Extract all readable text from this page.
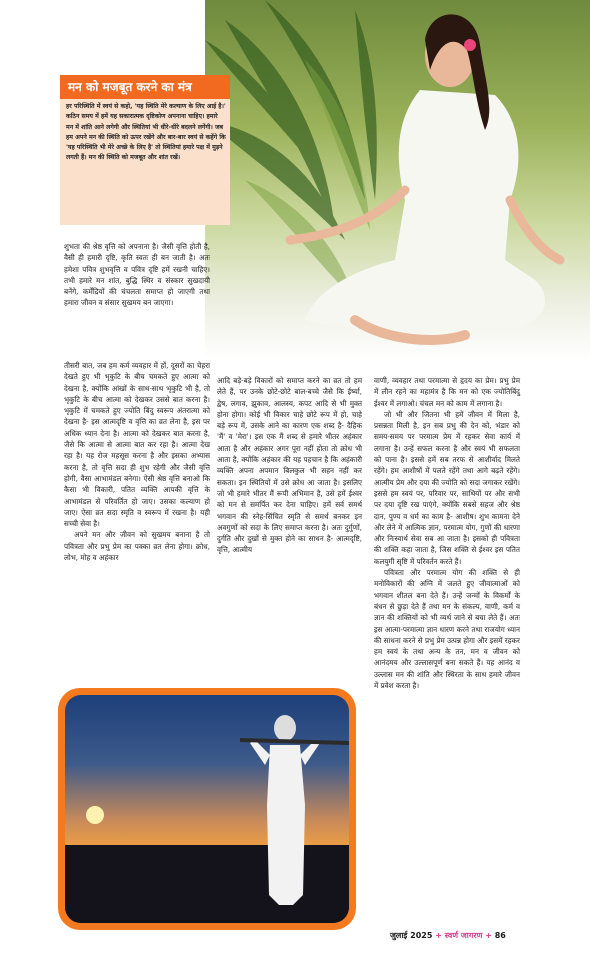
मन को मजबूत करने का मंत्र
हर परिस्थिति में स्वयं से कहो, 'यह स्थिति मेरे कल्याण के लिए आई है।' कठिन समय में हमें यह सकारात्मक दृष्टिकोण अपनाना चाहिए। हमारे मन में शांति आने लगेगी और स्थितियां भी धीरे-धीरे बदलने लगेंगी। जब हम अपने मन की स्थिति को ऊपर रखेंगे और बार-बार स्वयं से कहेंगे कि 'यह परिस्थिति भी मेरे अच्छे के लिए है' तो स्थितियां हमारे पक्ष में मुड़ने लगती हैं। मन की स्थिति को मजबूत और शांत रखें।

शुभता की श्रेष्ठ वृत्ति को अपनाना है। जैसी वृत्ति होती है, वैसी ही हमारी दृष्टि, कृति स्वतः ही बन जाती है। अतः हमेशा पवित्र शुभवृत्ति व पवित्र दृष्टि हमें रखनी चाहिए। तभी हमारे मन शांत, बुद्धि स्थिर व संस्कार सुखदायी बनेंगे, कर्मेंद्रियों की चंचलता समाप्त हो जाएगी तथा हमारा जीवन व संसार सुखमय बन जाएगा।

तीसरी बात, जब हम कर्म व्यवहार में हों, दूसरों का चेहरा देखते हुए भी भृकुटि के बीच चमकते हुए आत्मा को देखना है, क्योंकि आंखों के साथ-साथ भृकुटि भी है, तो भृकुटि के बीच आत्मा को देखकर उससे बात करना है। भृकुटि में चमकते हुए ज्योति बिंदु स्वरूप अंतरात्मा को देखना है- इस आत्मदृष्टि व वृत्ति का व्रत लेना है, इस पर अधिक ध्यान देना है। आत्मा को देखकर बात करना है, जैसे कि आत्मा से आत्मा बात कर रहा है। आत्मा देख रहा है। यह रोज महसूस करना है और इसका अभ्यास करना है, तो वृत्ति सदा ही शुभ रहेगी और जैसी वृत्ति होगी, वैसा आभामंडल बनेगा। ऐसी श्रेष्ठ वृत्ति बनाओ कि कैसा भी विकारी, पतित व्यक्ति आपकी वृत्ति के आभामंडल से परिवर्तित हो जाए। उसका कल्याण हो जाए। ऐसा व्रत सदा स्मृति व स्वरूप में रखना है। यही सच्ची सेवा है।

अपने मन और जीवन को सुखमय बनाना है तो पवित्रता और प्रभु प्रेम का पक्का व्रत लेना होगा। क्रोध, लोभ, मोह व अहंकार

आदि बड़े-बड़े विकारों को समाप्त करने का व्रत तो हम लेते हैं, पर उनके छोटे-छोटे बाल-बच्चे जैसे कि ईर्ष्या, द्वेष, लगाव, झुकाव, आलस्य, कपट आदि से भी मुक्त होना होगा। कोई भी विकार चाहे छोटे रूप में हो, चाहे बड़े रूप में, उसके आने का कारण एक शब्द है- दैहिक 'मैं' व 'मेरा'। इस एक मैं शब्द से हमारे भीतर अहंकार आता है और अहंकार अगर पूरा नहीं होता तो क्रोध भी आता है, क्योंकि अहंकार की यह पहचान है कि अहंकारी व्यक्ति अपना अपमान बिलकुल भी सहन नहीं कर सकता। इन स्थितियों में उसे क्रोध आ जाता है। इसलिए जो भी हमारे भीतर मैं रूपी अभिमान है, उसे हमें ईश्वर को मन से समर्पित कर देना चाहिए। हमें सर्व समर्थ भगवान की स्नेह-सिंचित स्मृति से समर्थ बनकर इन अवगुणों को सदा के लिए समाप्त करना है। अतः दुर्गुणों, दुर्गति और दुखों से मुक्त होने का साधन है- आत्मदृष्टि, वृत्ति, आत्मीय

वाणी, व्यवहार तथा परमात्मा से हृदय का प्रेम। प्रभु प्रेम में लीन रहने का महामंत्र है कि मन को एक ज्योतिबिंदु ईश्वर में लगाओ। चंचल मन को काम में लगाना है।

जो भी और जितना भी हमें जीवन में मिला है, प्रसन्नता मिली है, इन सब प्रभु की देन को, भंडार को समय-समय पर परमात्म प्रेम में रहकर सेवा कार्य में लगाना है। उन्हें सफल करना है और स्वयं भी सफलता को पाना है। इससे हमें सब तरफ से आशीर्वाद मिलते रहेंगे। हम आशीषों में पलते रहेंगे तथा आगे बढ़ते रहेंगे। आत्मीय प्रेम और दया की ज्योति को सदा जगाकर रखेंगे। इससे हम स्वयं पर, परिवार पर, साथियों पर और सभी पर दया दृष्टि रख पाएंगे, क्योंकि सबसे सहज और श्रेष्ठ दान, पुण्य व धर्म का काम है- आशीष। शुभ कामना देने और लेने में आत्मिक ज्ञान, परमात्म योग, गुणों की धारणा और निःस्वार्थ सेवा सब आ जाता है। इसको ही पवित्रता की शक्ति कहा जाता है, जिस शक्ति से ईश्वर इस पतित कलयुगी सृष्टि में परिवर्तन करते हैं।

पवित्रता और परमात्म योग की शक्ति से ही मनोविकारों की अग्नि में जलते हुए जीवात्माओं को भगवान शीतल बना देते हैं। उन्हें जन्मों के विकर्मों के बंधन से छुड़ा देते हैं तथा मन के संकल्प, वाणी, कर्म व ज्ञान की शक्तियों को भी व्यर्थ जाने से बचा लेते हैं। अतः इस आत्मा-परमात्मा ज्ञान धारण करने तथा राजयोग ध्यान की साधना करने से प्रभु प्रेम उत्पन्न होगा और इसमें रहकर हम स्वयं के तथा अन्य के तन, मन व जीवन को आनंदमय और उल्लासपूर्ण बना सकते हैं। यह आनंद व उल्लास मन की शांति और स्थिरता के साथ हमारे जीवन में प्रवेश करता है।

जुलाई 2025 + स्वर्ण जागरण + 86
